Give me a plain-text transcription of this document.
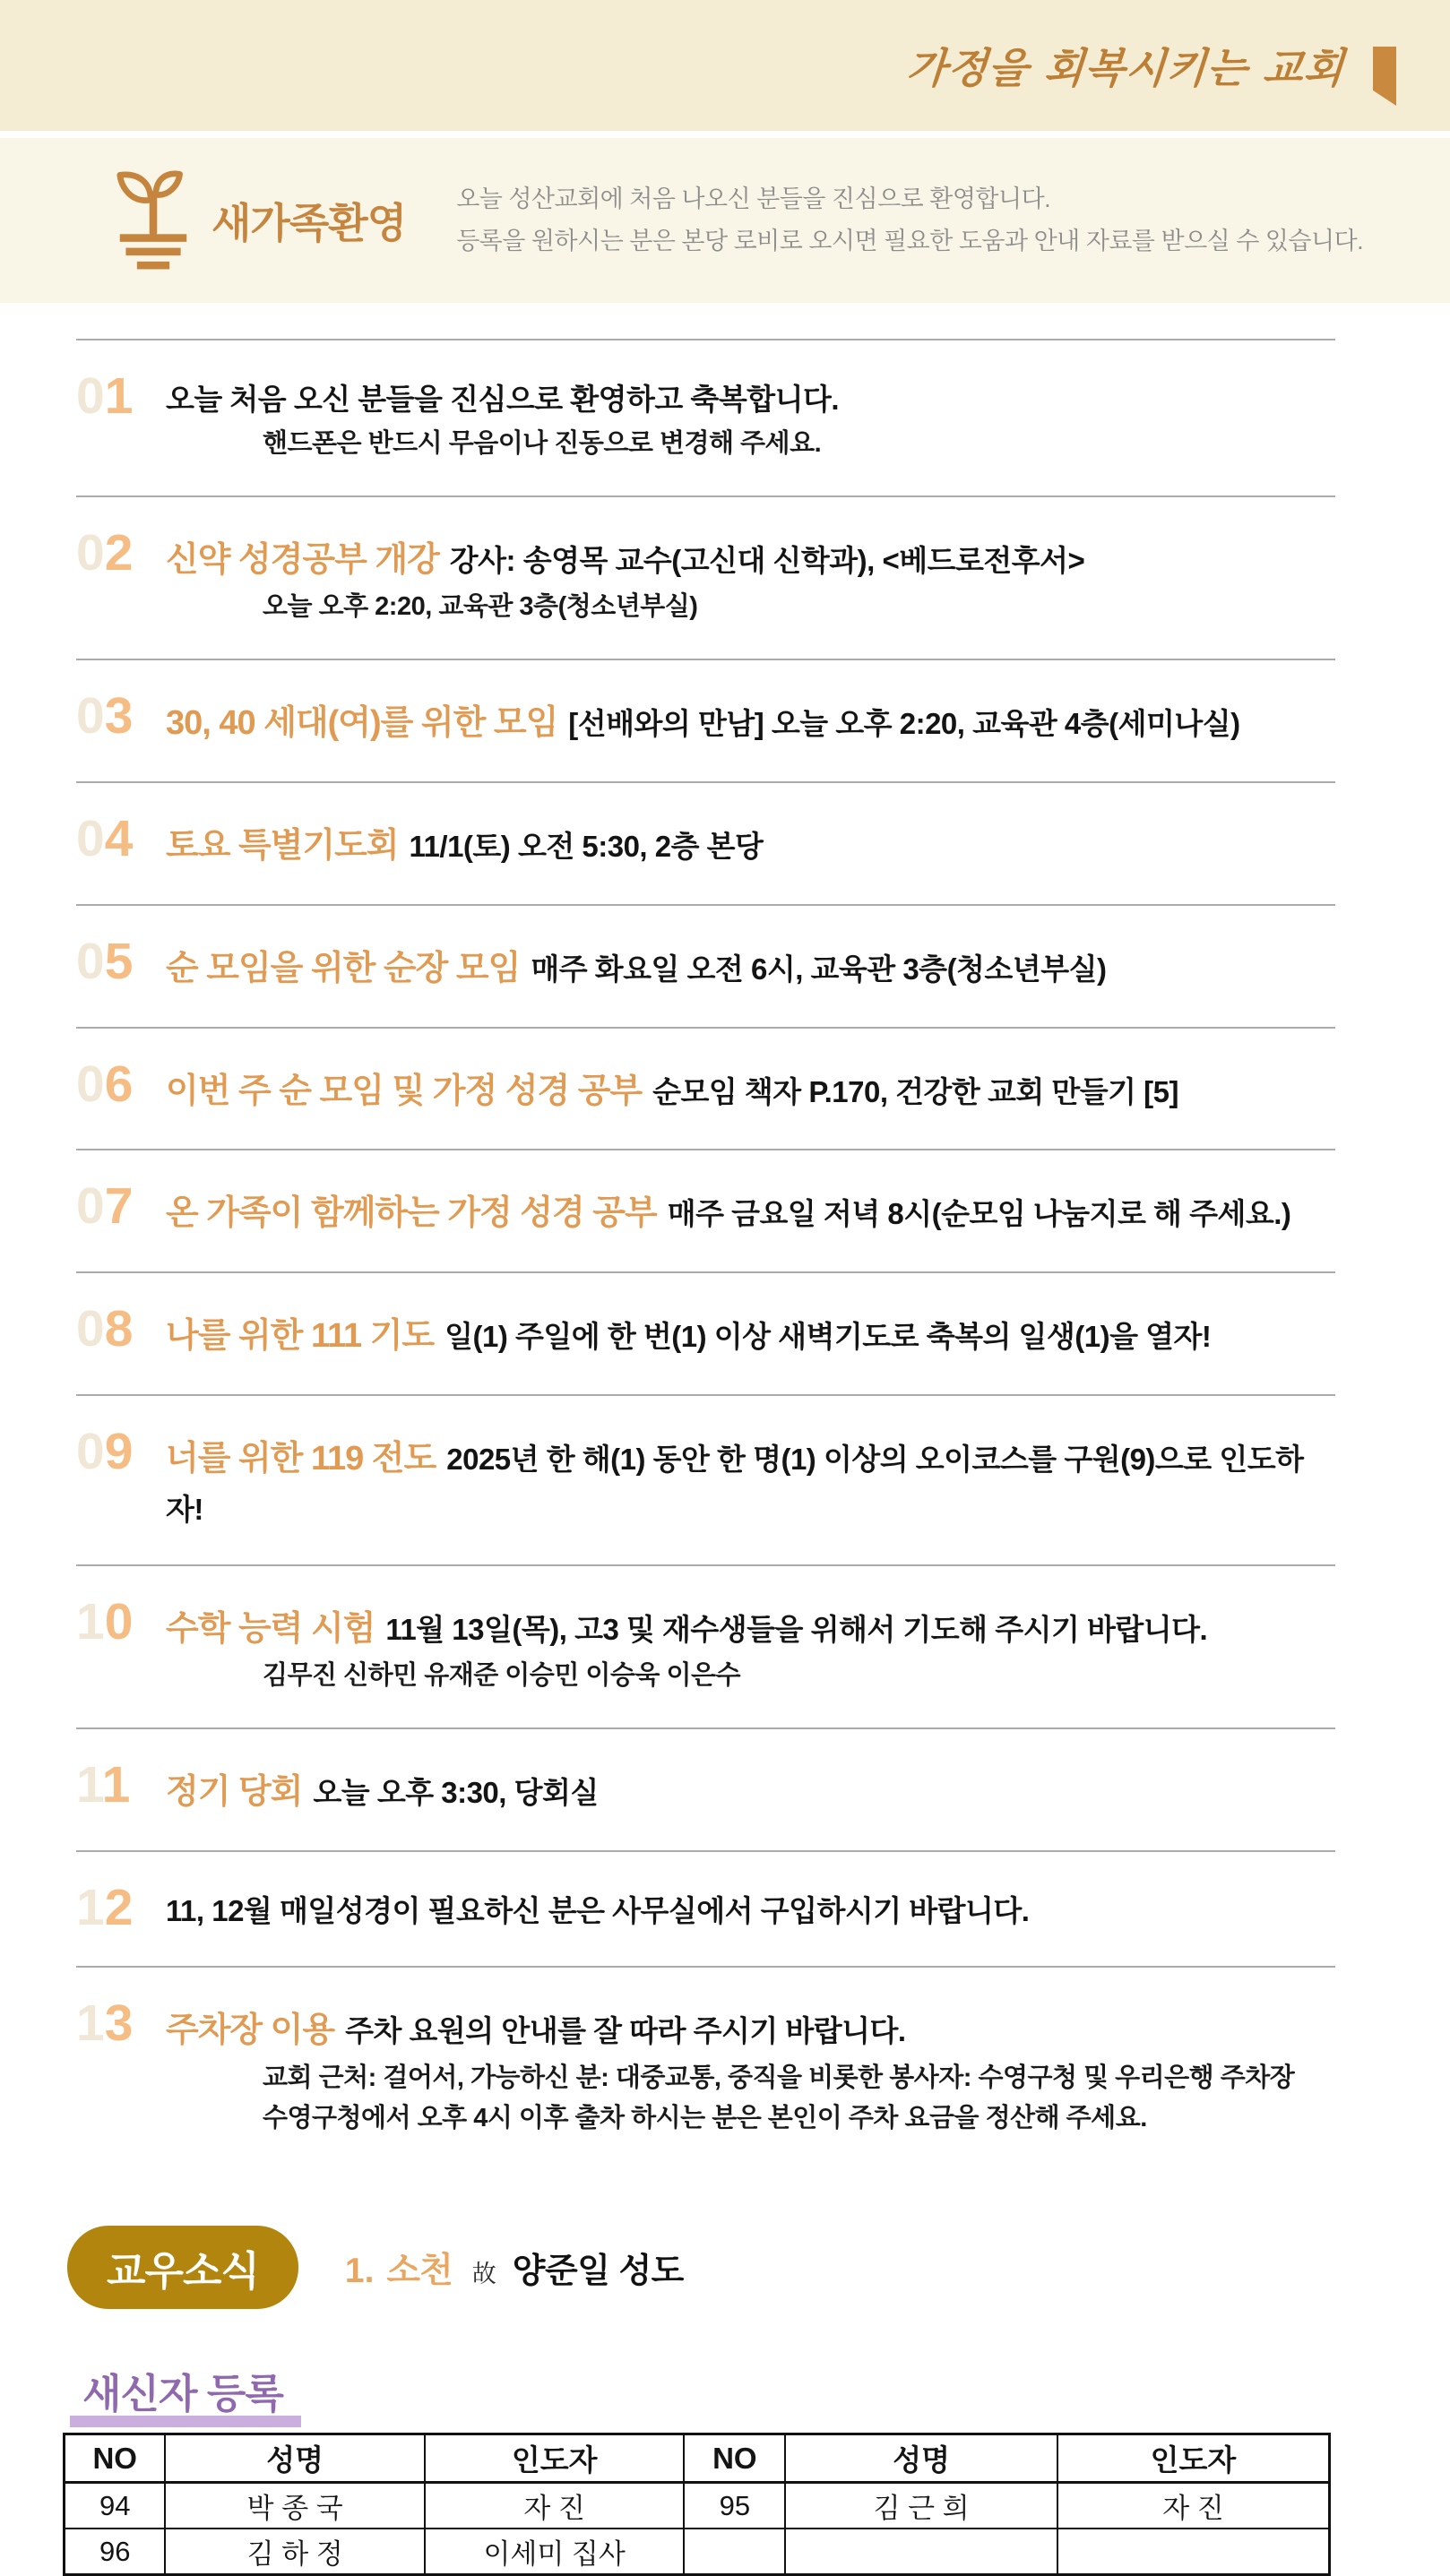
가정을 회복시키는 교회
새가족환영

오늘 성산교회에 처음 나오신 분들을 진심으로 환영합니다.

등록을 원하시는 분은 본당 로비로 오시면 필요한 도움과 안내 자료를 받으실 수 있습니다.

01	오늘 처음 오신 분들을 진심으로 환영하고 축복합니다.

핸드폰은 반드시 무음이나 진동으로 변경해 주세요.

02 신약 성경공부 개강 강사: 송영목 교수(고신대 신학과), <베드로전후서>

오늘 오후 2:20, 교육관 3층(청소년부실)

03 30, 40 세대(여)를 위한 모임 [선배와의 만남] 오늘 오후 2:20, 교육관 4층(세미나실)

04 토요 특별기도회 11/1(토) 오전 5:30, 2층 본당

05 순 모임을 위한 순장 모임 매주 화요일 오전 6시, 교육관 3층(청소년부실)

06 이번 주 순 모임 및 가정 성경 공부 순모임 책자 P.170, 건강한 교회 만들기 [5]

07 온 가족이 함께하는 가정 성경 공부 매주 금요일 저녁 8시(순모임 나눔지로 해 주세요.)

08 나를 위한 111 기도 일(1) 주일에 한 번(1) 이상 새벽기도로 축복의 일생(1)을 열자!

09 너를 위한 119 전도 2025년 한 해(1) 동안 한 명(1) 이상의 오이코스를 구원(9)으로 인도하자!

10 수학 능력 시험 11월 13일(목), 고3 및 재수생들을 위해서 기도해 주시기 바랍니다.

김무진 신하민 유재준 이승민 이승욱 이은수

11	정기 당회 오늘 오후 3:30, 당회실

12	11, 12월 매일성경이 필요하신 분은 사무실에서 구입하시기 바랍니다.

13 주차장 이용 주차 요원의 안내를 잘 따라 주시기 바랍니다.

교회 근처: 걸어서, 가능하신 분: 대중교통, 중직을 비롯한 봉사자: 수영구청 및 우리은행 주차장

수영구청에서 오후 4시 이후 출차 하시는 분은 본인이 주차 요금을 정산해 주세요.

교우소식	1. 소천 故 양준일 성도
새신자 등록
NO	성명	인도자	NO	성명	인도자
94	박 종 국	자 진	95	김 근 희	자 진
96	김 하 정	이세미 집사			
